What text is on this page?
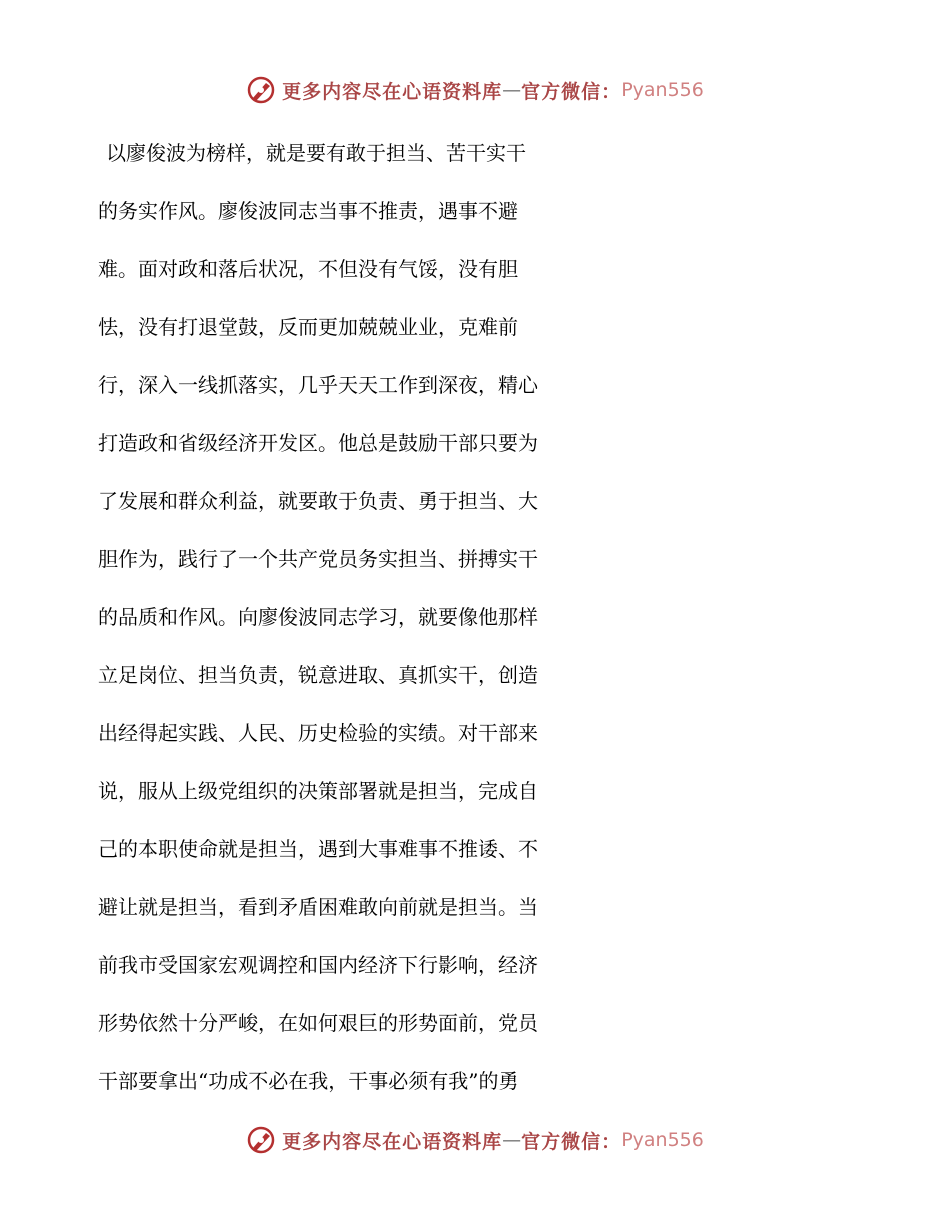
更多内容尽在心语资料库 — 官方微信： Pyan556
以廖俊波为榜样，就是要有敢于担当、苦干实干
的务实作风。廖俊波同志当事不推责，遇事不避
难。面对政和落后状况，不但没有气馁，没有胆
怯，没有打退堂鼓，反而更加兢兢业业，克难前
行，深入一线抓落实，几乎天天工作到深夜，精心
打造政和省级经济开发区。他总是鼓励干部只要为
了发展和群众利益，就要敢于负责、勇于担当、大
胆作为，践行了一个共产党员务实担当、拼搏实干
的品质和作风。向廖俊波同志学习，就要像他那样
立足岗位、担当负责，锐意进取、真抓实干，创造
出经得起实践、人民、历史检验的实绩。对干部来
说，服从上级党组织的决策部署就是担当，完成自
己的本职使命就是担当，遇到大事难事不推诿、不
避让就是担当，看到矛盾困难敢向前就是担当。当
前我市受国家宏观调控和国内经济下行影响，经济
形势依然十分严峻，在如何艰巨的形势面前，党员
干部要拿出“功成不必在我，干事必须有我”的勇
更多内容尽在心语资料库 — 官方微信： Pyan556
